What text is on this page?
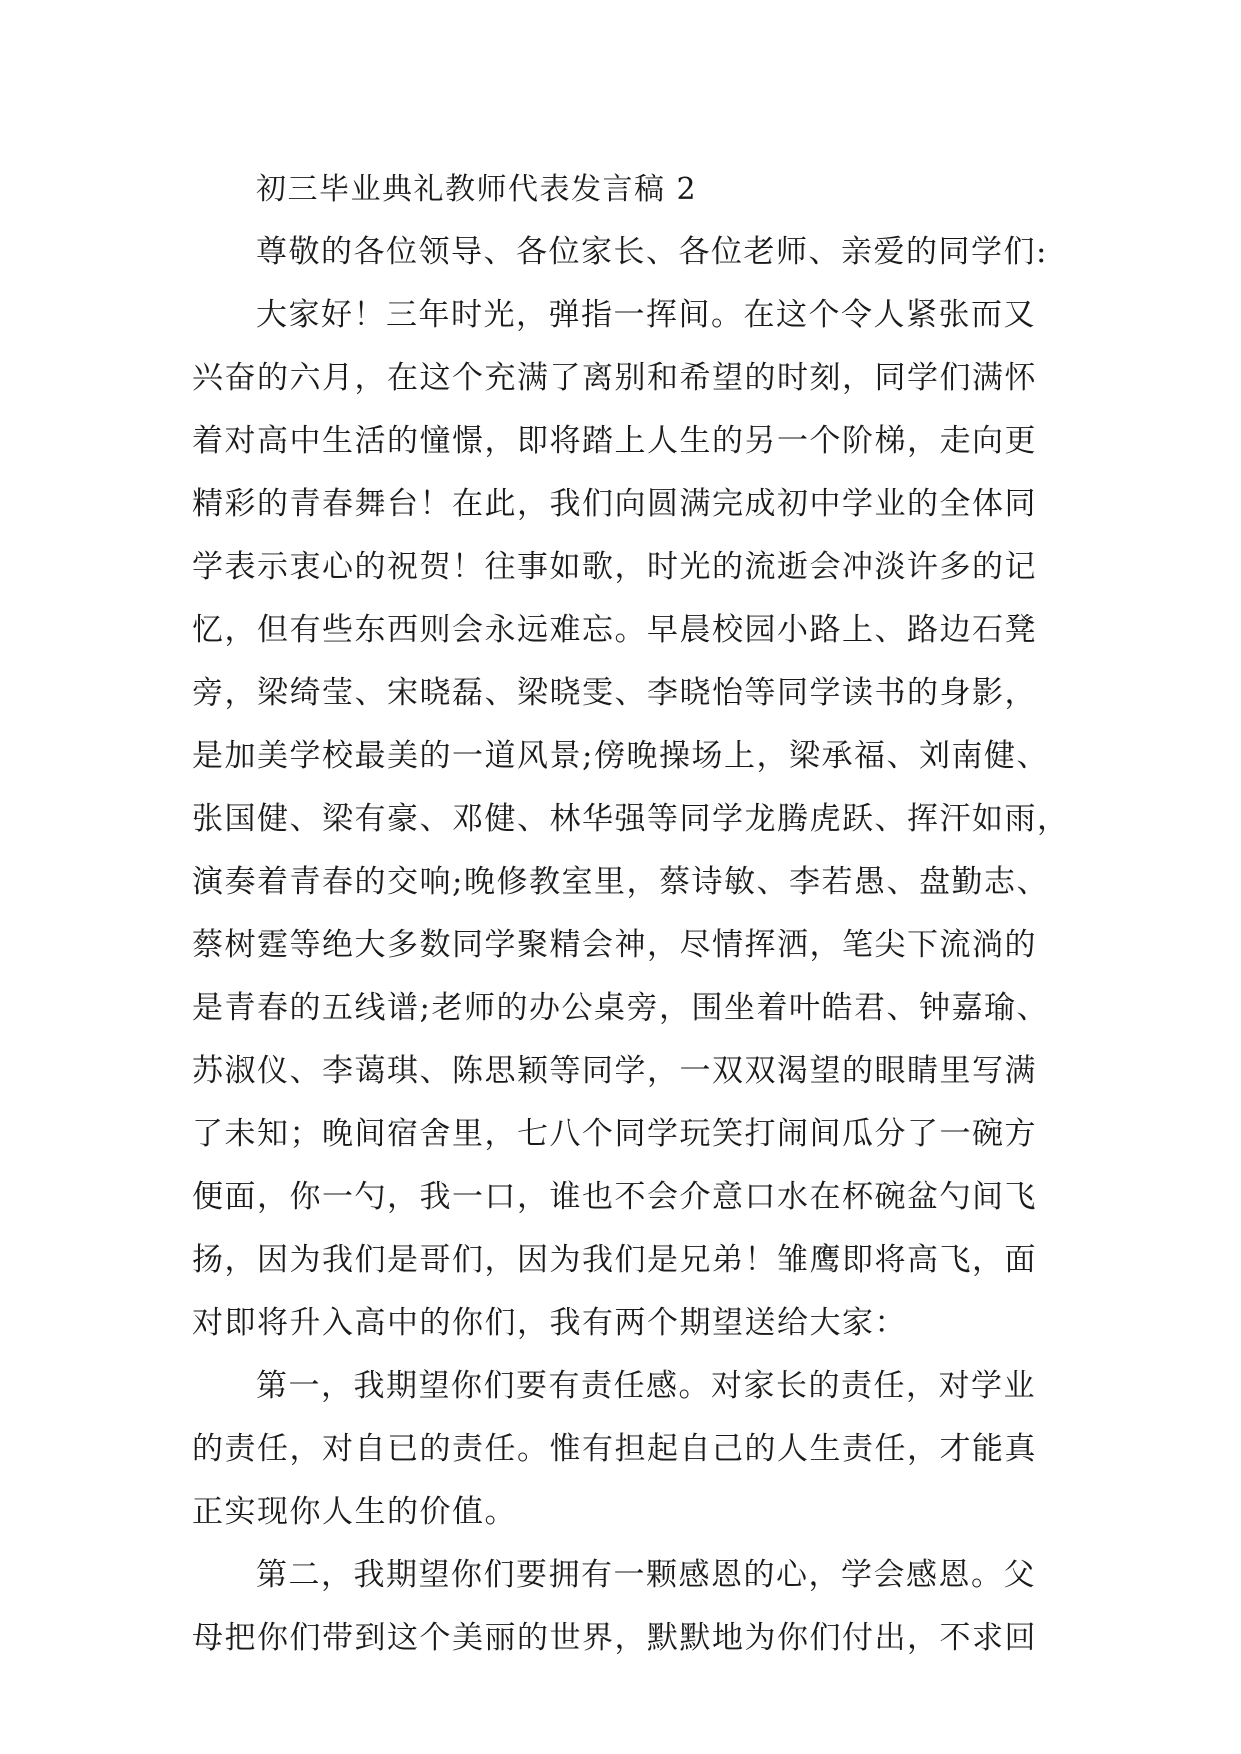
初三毕业典礼教师代表发言稿 2
尊敬的各位领导、各位家长、各位老师、亲爱的同学们:
大家好！三年时光，弹指一挥间。在这个令人紧张而又
兴奋的六月，在这个充满了离别和希望的时刻，同学们满怀
着对高中生活的憧憬，即将踏上人生的另一个阶梯，走向更
精彩的青春舞台！在此，我们向圆满完成初中学业的全体同
学表示衷心的祝贺！往事如歌，时光的流逝会冲淡许多的记
忆，但有些东西则会永远难忘。早晨校园小路上、路边石凳
旁，梁绮莹、宋晓磊、梁晓雯、李晓怡等同学读书的身影，
是加美学校最美的一道风景;傍晚操场上，梁承福、刘南健、
张国健、梁有豪、邓健、林华强等同学龙腾虎跃、挥汗如雨，
演奏着青春的交响;晚修教室里，蔡诗敏、李若愚、盘勤志、
蔡树霆等绝大多数同学聚精会神，尽情挥洒，笔尖下流淌的
是青春的五线谱;老师的办公桌旁，围坐着叶皓君、钟嘉瑜、
苏淑仪、李蔼琪、陈思颖等同学，一双双渴望的眼睛里写满
了未知；晚间宿舍里，七八个同学玩笑打闹间瓜分了一碗方
便面，你一勺，我一口，谁也不会介意口水在杯碗盆勺间飞
扬，因为我们是哥们，因为我们是兄弟！雏鹰即将高飞，面
对即将升入高中的你们，我有两个期望送给大家：
第一，我期望你们要有责任感。对家长的责任，对学业
的责任，对自已的责任。惟有担起自己的人生责任，才能真
正实现你人生的价值。
第二，我期望你们要拥有一颗感恩的心，学会感恩。父
母把你们带到这个美丽的世界，默默地为你们付出，不求回
